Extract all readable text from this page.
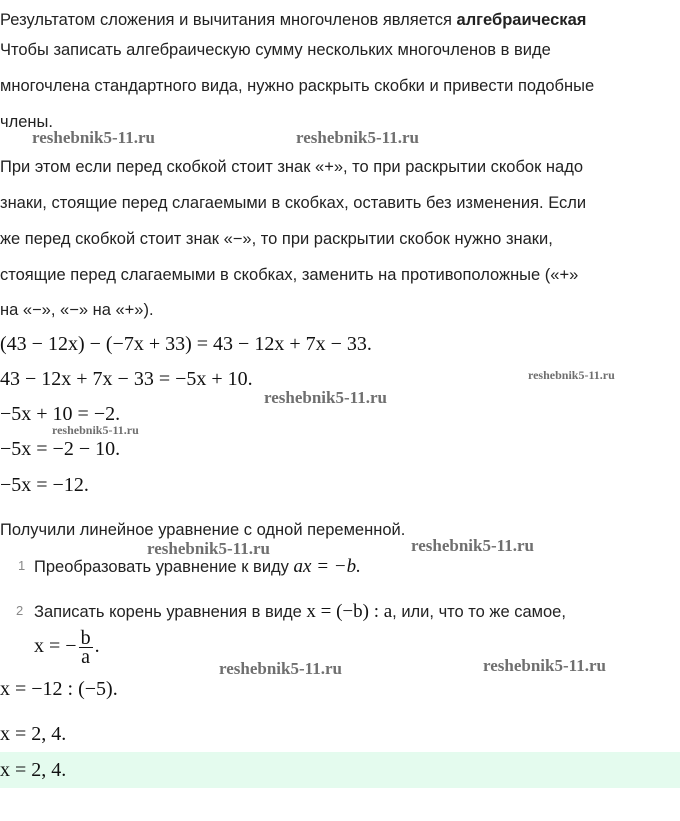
Результатом сложения и вычитания многочленов является алгебраическая
Чтобы записать алгебраическую сумму нескольких многочленов в виде
многочлена стандартного вида, нужно раскрыть скобки и привести подобные
члены.
При этом если перед скобкой стоит знак «+», то при раскрытии скобок надо
знаки, стоящие перед слагаемыми в скобках, оставить без изменения. Если
же перед скобкой стоит знак «−», то при раскрытии скобок нужно знаки,
стоящие перед слагаемыми в скобках, заменить на противоположные («+»
на «−», «−» на «+»).
(43 − 12x) − (−7x + 33) = 43 − 12x + 7x − 33.
43 − 12x + 7x − 33 = −5x + 10.
−5x + 10 = −2.
−5x = −2 − 10.
−5x = −12.
Получили линейное уравнение с одной переменной.
1 Преобразовать уравнение к виду ax = −b.
2 Записать корень уравнения в виде x = (−b) : a, или, что то же самое,
x = − $\frac{b}{a}$ .
x = −12 : (−5).
x = 2, 4.
x = 2, 4.
reshebnik5-11.ru	reshebnik5-11.ru
reshebnik5-11.ru
reshebnik5-11.ru
reshebnik5-11.ru
reshebnik5-11.ru	reshebnik5-11.ru
reshebnik5-11.ru	reshebnik5-11.ru
